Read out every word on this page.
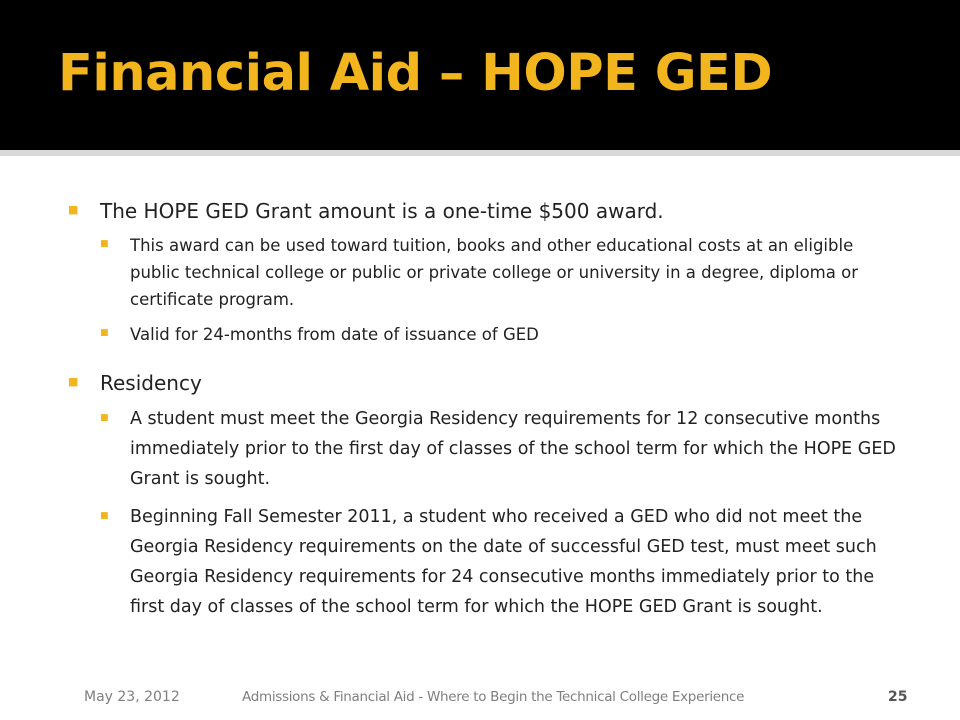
Financial Aid – HOPE GED
■ The HOPE GED Grant amount is a one-time $500 award.
■ This award can be used toward tuition, books and other educational costs at an eligible public technical college or public or private college or university in a degree, diploma or certificate program.
■ Valid for 24-months from date of issuance of GED
■ Residency
■ A student must meet the Georgia Residency requirements for 12 consecutive months immediately prior to the first day of classes of the school term for which the HOPE GED Grant is sought.
■ Beginning Fall Semester 2011, a student who received a GED who did not meet the Georgia Residency requirements on the date of successful GED test, must meet such Georgia Residency requirements for 24 consecutive months immediately prior to the first day of classes of the school term for which the HOPE GED Grant is sought.
May 23, 2012	Admissions & Financial Aid - Where to Begin the Technical College Experience	25
